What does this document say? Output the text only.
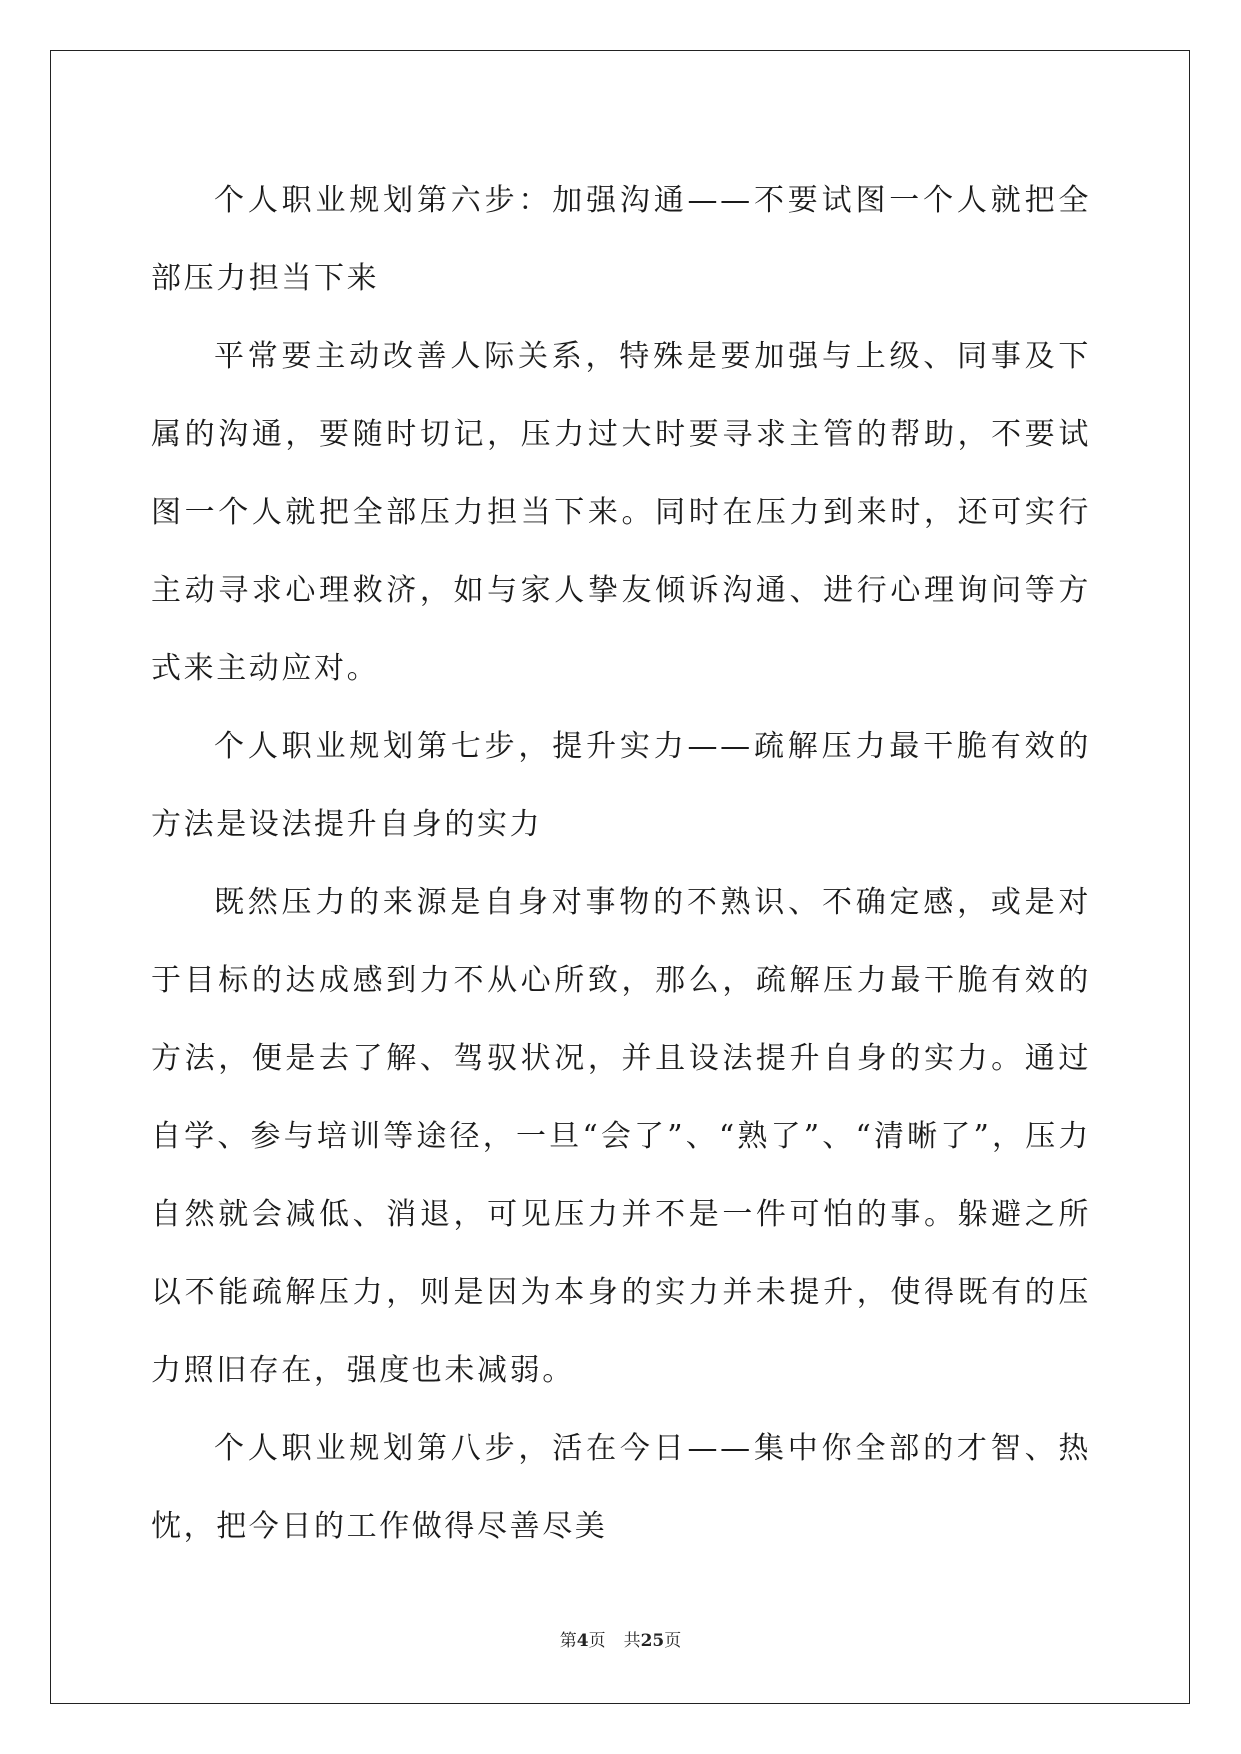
个人职业规划第六步：加强沟通——不要试图一个人就把全部压力担当下来

平常要主动改善人际关系，特殊是要加强与上级、同事及下属的沟通，要随时切记，压力过大时要寻求主管的帮助，不要试图一个人就把全部压力担当下来。同时在压力到来时，还可实行主动寻求心理救济，如与家人挚友倾诉沟通、进行心理询问等方式来主动应对。

个人职业规划第七步，提升实力——疏解压力最干脆有效的方法是设法提升自身的实力

既然压力的来源是自身对事物的不熟识、不确定感，或是对于目标的达成感到力不从心所致，那么，疏解压力最干脆有效的方法，便是去了解、驾驭状况，并且设法提升自身的实力。通过自学、参与培训等途径，一旦“会了”、“熟了”、“清晰了”，压力自然就会减低、消退，可见压力并不是一件可怕的事。躲避之所以不能疏解压力，则是因为本身的实力并未提升，使得既有的压力照旧存在，强度也未减弱。

个人职业规划第八步，活在今日——集中你全部的才智、热忱，把今日的工作做得尽善尽美

第4页 共25页
